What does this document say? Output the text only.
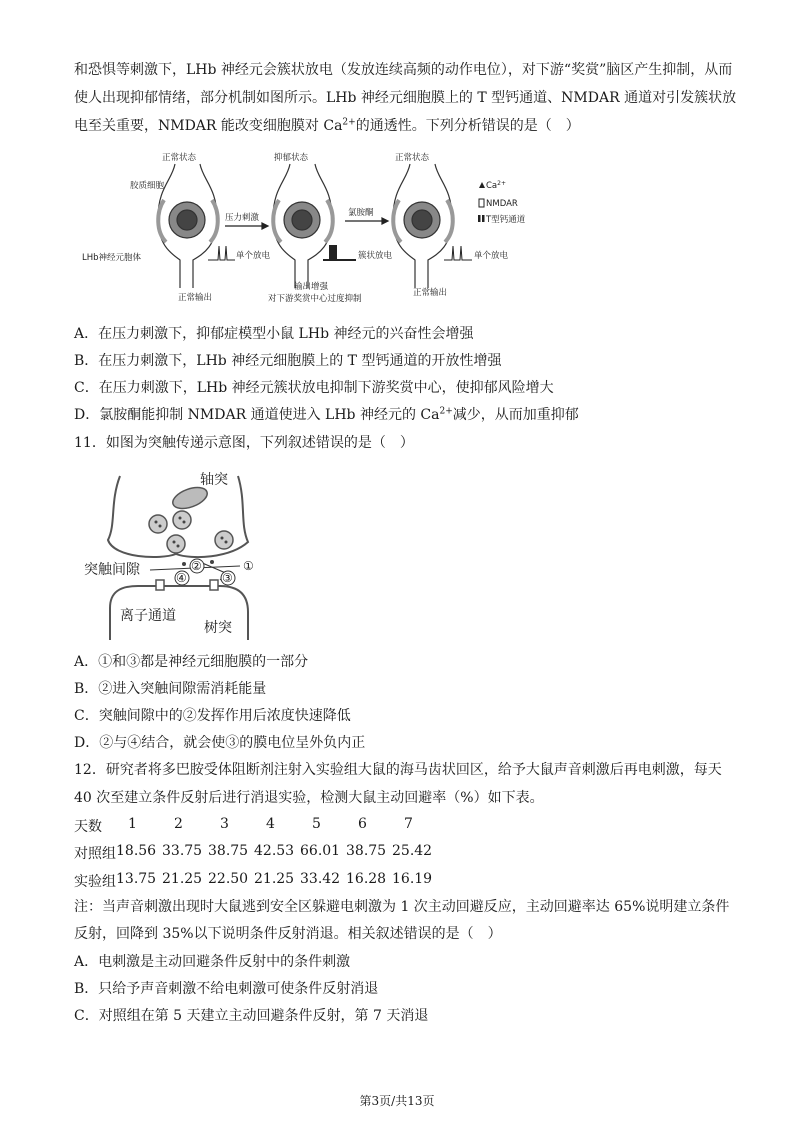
和恐惧等刺激下，LHb 神经元会簇状放电（发放连续高频的动作电位），对下游“奖赏”脑区产生抑制，从而
使人出现抑郁情绪，部分机制如图所示。LHb 神经元细胞膜上的 T 型钙通道、NMDAR 通道对引发簇状放
电至关重要，NMDAR 能改变细胞膜对 $Ca^{2+}$的通透性。下列分析错误的是（　）
正常状态	抑郁状态	正常状态
胶质细胞
LHb神经元胞体
压力刺激	氯胺酮
单个放电	簇状放电	单个放电
正常输出
输出增强
对下游奖赏中心过度抑制
正常输出
$Ca^{2+}$
NMDAR
T型钙通道
A．在压力刺激下，抑郁症模型小鼠 LHb 神经元的兴奋性会增强
B．在压力刺激下，LHb 神经元细胞膜上的 T 型钙通道的开放性增强
C．在压力刺激下，LHb 神经元簇状放电抑制下游奖赏中心，使抑郁风险增大
D．氯胺酮能抑制 NMDAR 通道使进入 LHb 神经元的 $Ca^{2+}$减少，从而加重抑郁
11．如图为突触传递示意图，下列叙述错误的是（　）
轴突
突触间隙
离子通道
树突
①
②
③
④
A．①和③都是神经元细胞膜的一部分
B．②进入突触间隙需消耗能量
C．突触间隙中的②发挥作用后浓度快速降低
D．②与④结合，就会使③的膜电位呈外负内正
12．研究者将多巴胺受体阻断剂注射入实验组大鼠的海马齿状回区，给予大鼠声音刺激后再电刺激，每天
40 次至建立条件反射后进行消退实验，检测大鼠主动回避率（%）如下表。
天数 1	2	3	4	5	6	7
对照组 18.56 33.75 38.75 42.53 66.01 38.75 25.42
实验组 13.75 21.25 22.50 21.25 33.42 16.28 16.19
注：当声音刺激出现时大鼠逃到安全区躲避电刺激为 1 次主动回避反应，主动回避率达 65%说明建立条件
反射，回降到 35%以下说明条件反射消退。相关叙述错误的是（　）
A．电刺激是主动回避条件反射中的条件刺激
B．只给予声音刺激不给电刺激可使条件反射消退
C．对照组在第 5 天建立主动回避条件反射，第 7 天消退
第3页/共13页
